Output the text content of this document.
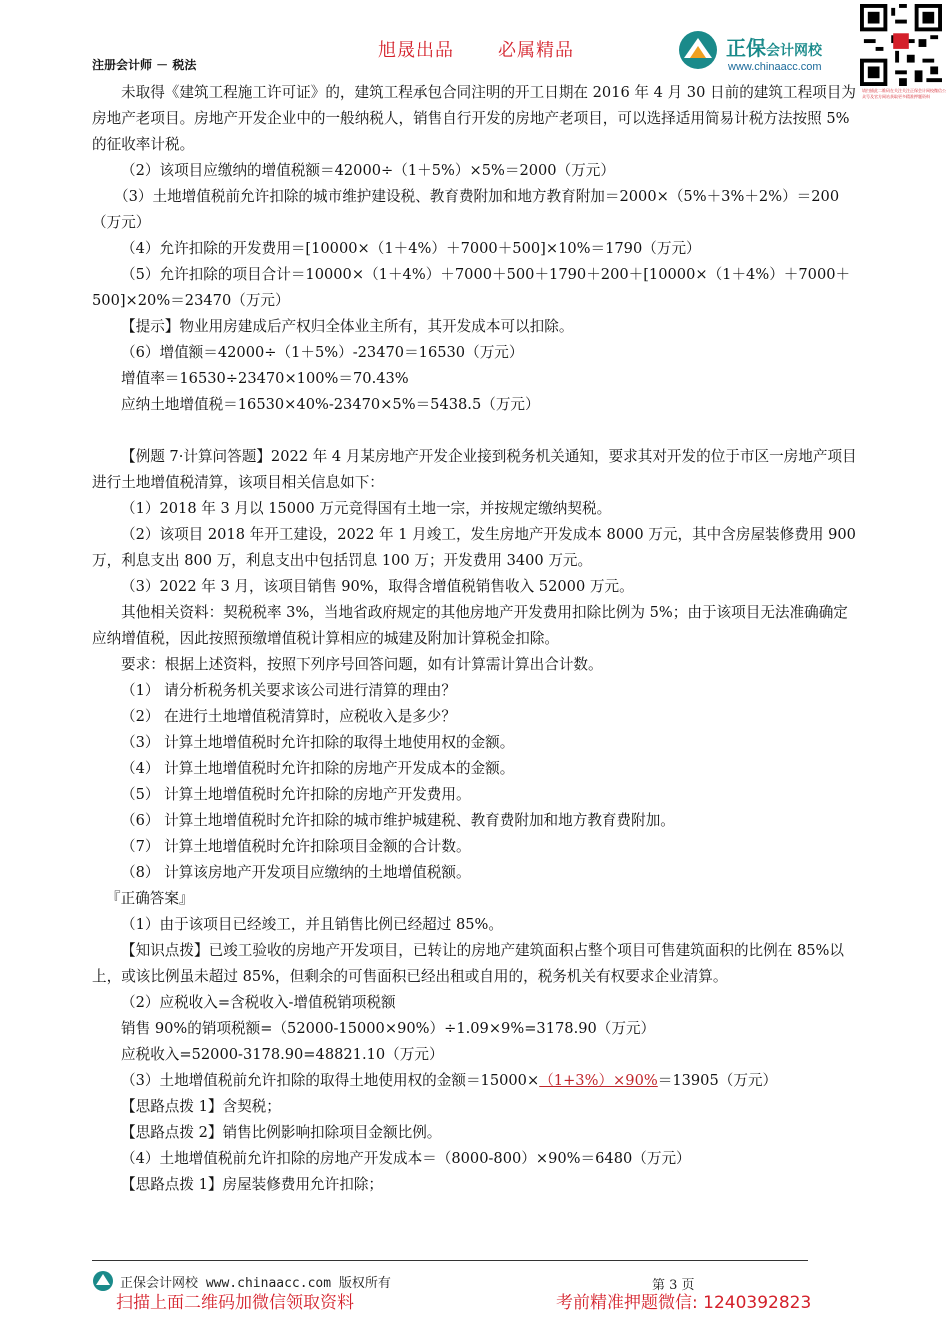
旭晟出品 必属精品
注册会计师 － 税法
正保会计网校
www.chinaacc.com
请扫描此二维码在关注关注正保会计网校微信公众号及官方网站获取更多精准押题资料

未取得《建筑工程施工许可证》的，建筑工程承包合同注明的开工日期在 2016 年 4 月 30 日前的建筑工程项目为房地产老项目。房地产开发企业中的一般纳税人，销售自行开发的房地产老项目，可以选择适用简易计税方法按照 5%的征收率计税。

（2）该项目应缴纳的增值税额＝42000÷（1＋5%）×5%＝2000（万元）

（3）土地增值税前允许扣除的城市维护建设税、教育费附加和地方教育附加＝2000×（5%＋3%＋2%）＝200（万元）

（4）允许扣除的开发费用＝[10000×（1＋4%）＋7000＋500]×10%＝1790（万元）

（5）允许扣除的项目合计＝10000×（1＋4%）＋7000＋500＋1790＋200＋[10000×（1＋4%）＋7000＋500]×20%＝23470（万元）

【提示】物业用房建成后产权归全体业主所有，其开发成本可以扣除。

（6）增值额＝42000÷（1＋5%）-23470＝16530（万元）

增值率＝16530÷23470×100%＝70.43%

应纳土地增值税＝16530×40%-23470×5%＝5438.5（万元）

【例题 7·计算问答题】2022 年 4 月某房地产开发企业接到税务机关通知，要求其对开发的位于市区一房地产项目进行土地增值税清算，该项目相关信息如下：

（1）2018 年 3 月以 15000 万元竞得国有土地一宗，并按规定缴纳契税。

（2）该项目 2018 年开工建设，2022 年 1 月竣工，发生房地产开发成本 8000 万元，其中含房屋装修费用 900 万，利息支出 800 万，利息支出中包括罚息 100 万；开发费用 3400 万元。

（3）2022 年 3 月，该项目销售 90%，取得含增值税销售收入 52000 万元。

其他相关资料：契税税率 3%，当地省政府规定的其他房地产开发费用扣除比例为 5%；由于该项目无法准确确定应纳增值税，因此按照预缴增值税计算相应的城建及附加计算税金扣除。

要求：根据上述资料，按照下列序号回答问题，如有计算需计算出合计数。

（1） 请分析税务机关要求该公司进行清算的理由？

（2） 在进行土地增值税清算时，应税收入是多少？

（3） 计算土地增值税时允许扣除的取得土地使用权的金额。

（4） 计算土地增值税时允许扣除的房地产开发成本的金额。

（5） 计算土地增值税时允许扣除的房地产开发费用。

（6） 计算土地增值税时允许扣除的城市维护城建税、教育费附加和地方教育费附加。

（7） 计算土地增值税时允许扣除项目金额的合计数。

（8） 计算该房地产开发项目应缴纳的土地增值税额。

『正确答案』

（1）由于该项目已经竣工，并且销售比例已经超过 85%。

【知识点拨】已竣工验收的房地产开发项目，已转让的房地产建筑面积占整个项目可售建筑面积的比例在 85%以上，或该比例虽未超过 85%，但剩余的可售面积已经出租或自用的，税务机关有权要求企业清算。

（2）应税收入=含税收入-增值税销项税额

销售 90%的销项税额=（52000-15000×90%）÷1.09×9%=3178.90（万元）

应税收入=52000-3178.90=48821.10（万元）

（3）土地增值税前允许扣除的取得土地使用权的金额＝15000×（1+3%）×90%＝13905（万元）

【思路点拨 1】含契税；

【思路点拨 2】销售比例影响扣除项目金额比例。

（4）土地增值税前允许扣除的房地产开发成本＝（8000-800）×90%＝6480（万元）

【思路点拨 1】房屋装修费用允许扣除；

正保会计网校 www.chinaacc.com 版权所有	第 3 页
扫描上面二维码加微信领取资料	考前精准押题微信: 1240392823
